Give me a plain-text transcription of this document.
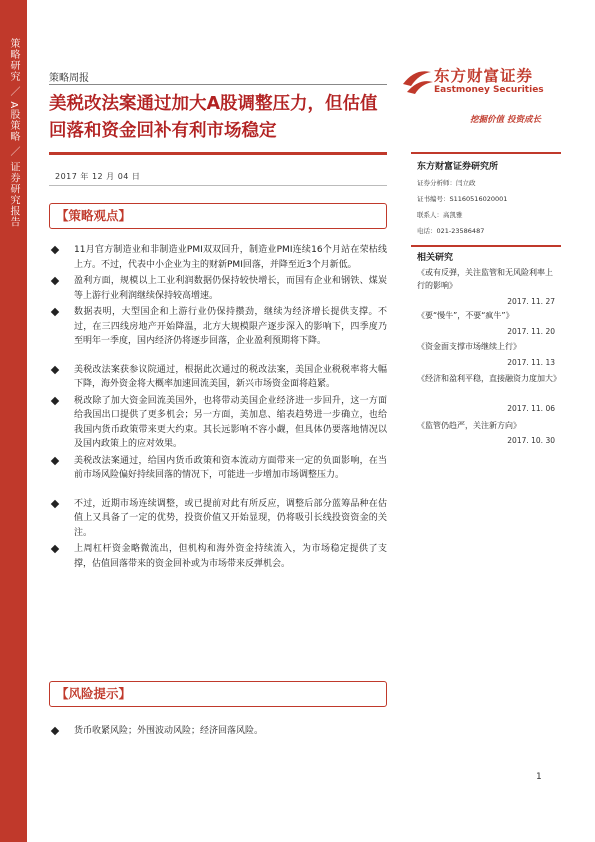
策略研究 ／ A股策略 ／ 证券研究报告	策略周报
美税改法案通过加大A股调整压力，但估值回落和资金回补有利市场稳定
2017 年 12 月 04 日
东方财富证券
Eastmoney Securities
挖掘价值 投资成长
东方财富证券研究所
证券分析师：闫立政
证书编号：S1160516020001
联系人：高凯雅
电话：021-23586487
相关研究
《或有反弹，关注监管和无风险利率上行的影响》
2017. 11. 27
《要“慢牛”，不要“疯牛”》
2017. 11. 20
《资金面支撑市场继续上行》
2017. 11. 13
《经济和盈利平稳，直接融资力度加大》
2017. 11. 06
《监管仍趋严，关注新方向》
2017. 10. 30
【策略观点】
11月官方制造业和非制造业PMI双双回升，制造业PMI连续16个月站在荣枯线上方。不过，代表中小企业为主的财新PMI回落，并降至近3个月新低。
盈利方面，规模以上工业利润数据仍保持较快增长，而国有企业和钢铁、煤炭等上游行业利润继续保持较高增速。
数据表明，大型国企和上游行业仍保持攒劲，继续为经济增长提供支撑。不过，在三四线房地产开始降温，北方大规模限产逐步深入的影响下，四季度乃至明年一季度，国内经济仍将逐步回落，企业盈利预期将下降。
美税改法案获参议院通过，根据此次通过的税改法案，美国企业税税率将大幅下降，海外资金将大概率加速回流美国，新兴市场资金面将趋紧。
税改除了加大资金回流美国外，也将带动美国企业经济进一步回升，这一方面给我国出口提供了更多机会；另一方面，美加息、缩表趋势进一步确立，也给我国内货币政策带来更大约束。其长远影响不容小觑，但具体仍要落地情况以及国内政策上的应对效果。
美税改法案通过，给国内货币政策和资本流动方面带来一定的负面影响，在当前市场风险偏好持续回落的情况下，可能进一步增加市场调整压力。
不过，近期市场连续调整，或已提前对此有所反应，调整后部分蓝筹品种在估值上又具备了一定的优势，投资价值又开始显现，仍将吸引长线投资资金的关注。
上周杠杆资金略微流出，但机构和海外资金持续流入，为市场稳定提供了支撑，估值回落带来的资金回补或为市场带来反弹机会。
【风险提示】
货币收紧风险；外围波动风险；经济回落风险。
1
